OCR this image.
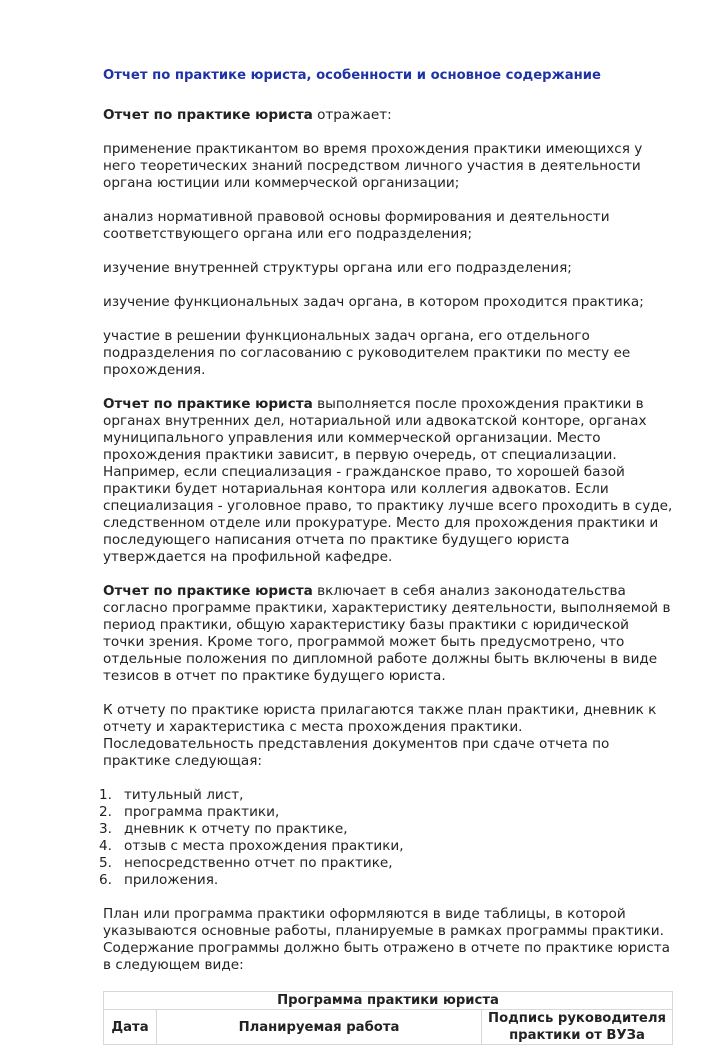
Отчет по практике юриста, особенности и основное содержание

Отчет по практике юриста отражает:

применение практикантом во время прохождения практики имеющихся у него теоретических знаний посредством личного участия в деятельности органа юстиции или коммерческой организации;

анализ нормативной правовой основы формирования и деятельности соответствующего органа или его подразделения;

изучение внутренней структуры органа или его подразделения;

изучение функциональных задач органа, в котором проходится практика;

участие в решении функциональных задач органа, его отдельного подразделения по согласованию с руководителем практики по месту ее прохождения.

Отчет по практике юриста выполняется после прохождения практики в органах внутренних дел, нотариальной или адвокатской конторе, органах муниципального управления или коммерческой организации. Место прохождения практики зависит, в первую очередь, от специализации. Например, если специализация - гражданское право, то хорошей базой практики будет нотариальная контора или коллегия адвокатов. Если специализация - уголовное право, то практику лучше всего проходить в суде, следственном отделе или прокуратуре. Место для прохождения практики и последующего написания отчета по практике будущего юриста утверждается на профильной кафедре.

Отчет по практике юриста включает в себя анализ законодательства согласно программе практики, характеристику деятельности, выполняемой в период практики, общую характеристику базы практики с юридической точки зрения. Кроме того, программой может быть предусмотрено, что отдельные положения по дипломной работе должны быть включены в виде тезисов в отчет по практике будущего юриста.

К отчету по практике юриста прилагаются также план практики, дневник к отчету и характеристика с места прохождения практики. Последовательность представления документов при сдаче отчета по практике следующая:

1. титульный лист,
2. программа практики,
3. дневник к отчету по практике,
4. отзыв с места прохождения практики,
5. непосредственно отчет по практике,
6. приложения.

План или программа практики оформляются в виде таблицы, в которой указываются основные работы, планируемые в рамках программы практики. Содержание программы должно быть отражено в отчете по практике юриста в следующем виде:

Программа практики юриста
Дата	Планируемая работа	Подпись руководителя
практики от ВУЗа
